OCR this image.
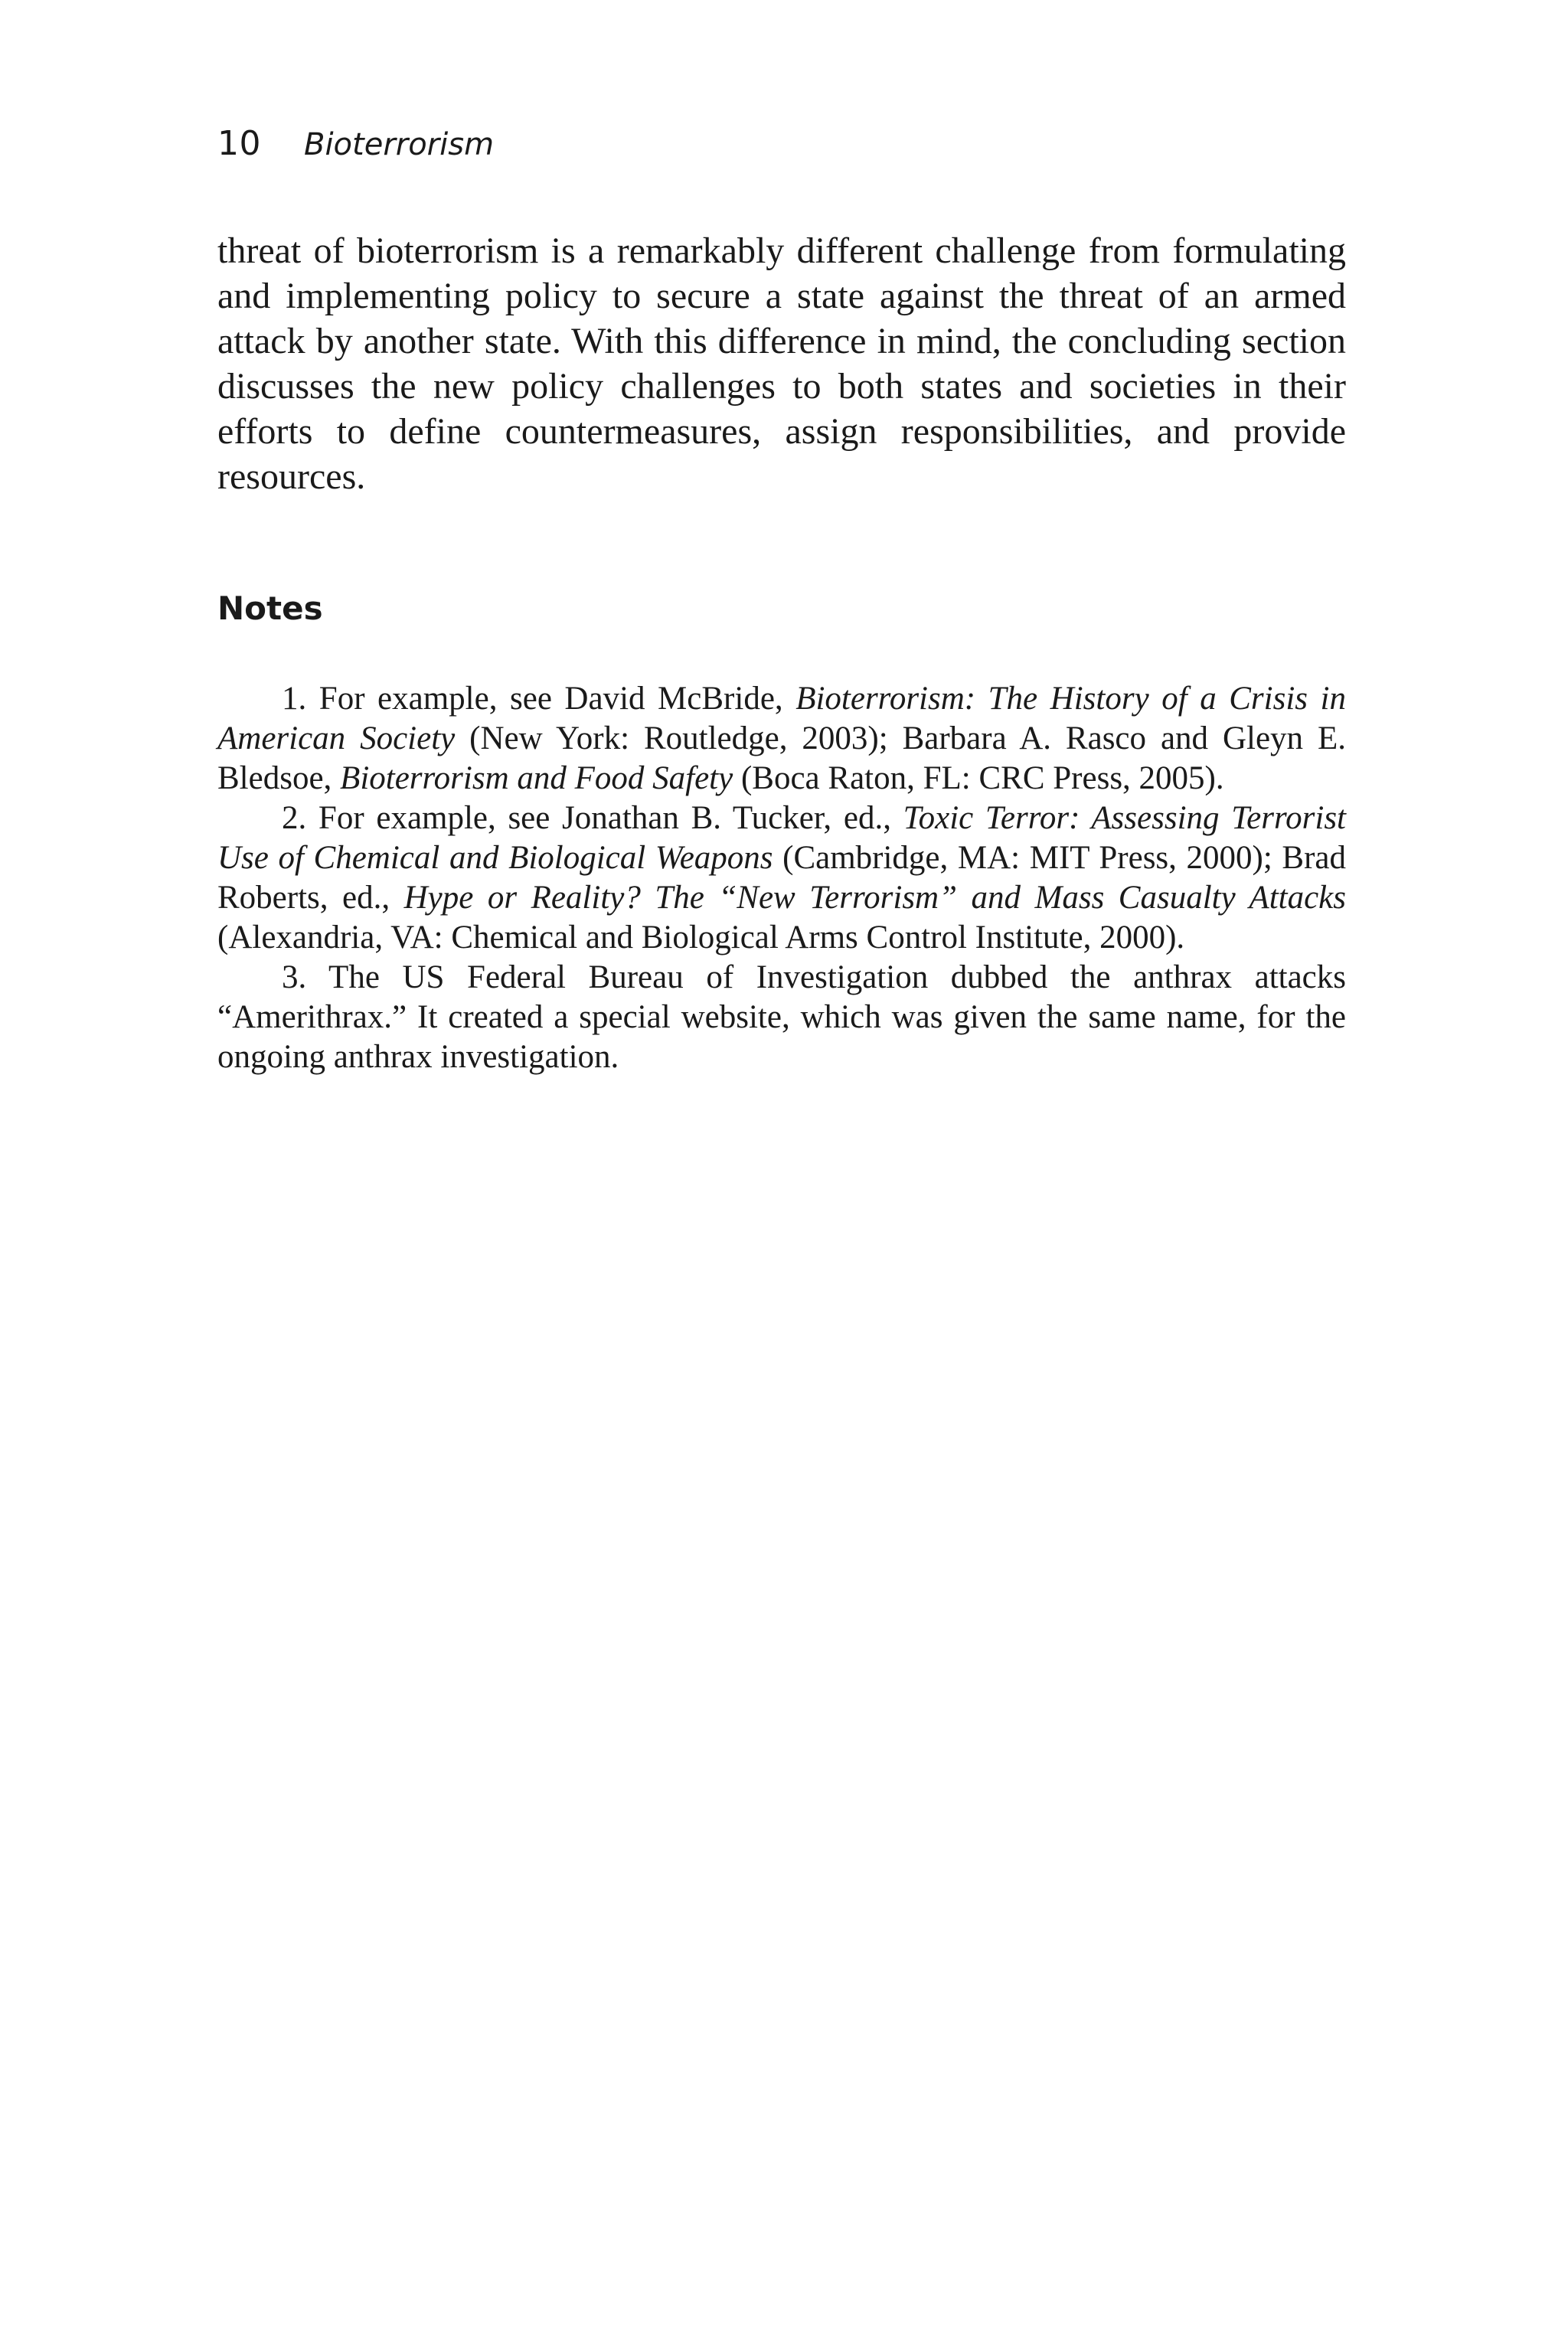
10 Bioterrorism

threat of bioterrorism is a remarkably different challenge from formulating and implementing policy to secure a state against the threat of an armed attack by another state. With this difference in mind, the concluding section discusses the new policy challenges to both states and societies in their efforts to define countermeasures, assign responsibilities, and provide resources.

Notes

1. For example, see David McBride, Bioterrorism: The History of a Crisis in American Society (New York: Routledge, 2003); Barbara A. Rasco and Gleyn E. Bledsoe, Bioterrorism and Food Safety (Boca Raton, FL: CRC Press, 2005).

2. For example, see Jonathan B. Tucker, ed., Toxic Terror: Assessing Terrorist Use of Chemical and Biological Weapons (Cambridge, MA: MIT Press, 2000); Brad Roberts, ed., Hype or Reality? The “New Terrorism” and Mass Casualty Attacks (Alexandria, VA: Chemical and Biological Arms Control Institute, 2000).

3. The US Federal Bureau of Investigation dubbed the anthrax attacks “Amerithrax.” It created a special website, which was given the same name, for the ongoing anthrax investigation.
